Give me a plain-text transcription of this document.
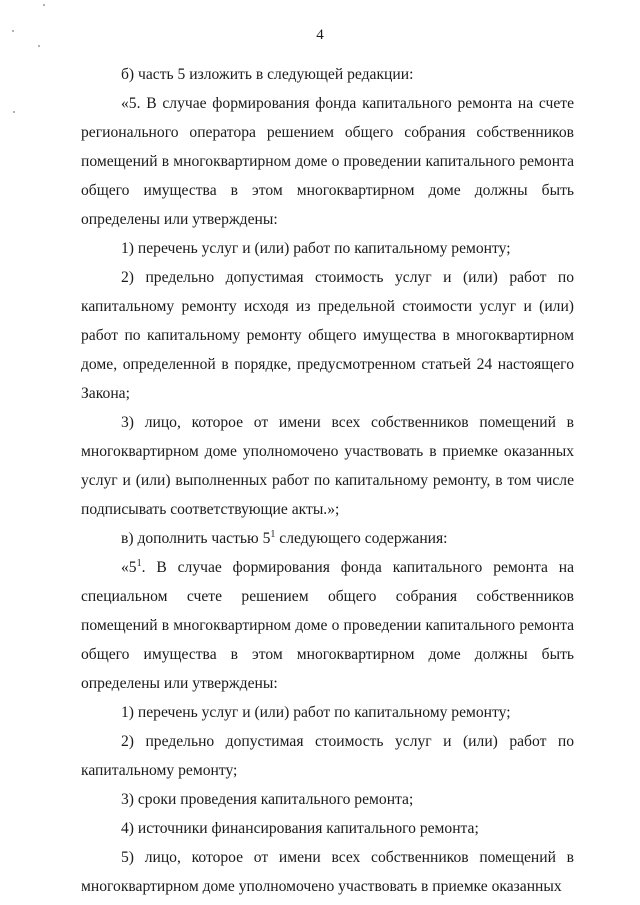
4

б) часть 5 изложить в следующей редакции:

«5. В случае формирования фонда капитального ремонта на счете регионального оператора решением общего собрания собственников помещений в многоквартирном доме о проведении капитального ремонта общего имущества в этом многоквартирном доме должны быть определены или утверждены:

1) перечень услуг и (или) работ по капитальному ремонту;

2) предельно допустимая стоимость услуг и (или) работ по капитальному ремонту исходя из предельной стоимости услуг и (или) работ по капитальному ремонту общего имущества в многоквартирном доме, определенной в порядке, предусмотренном статьей 24 настоящего Закона;

3) лицо, которое от имени всех собственников помещений в многоквартирном доме уполномочено участвовать в приемке оказанных услуг и (или) выполненных работ по капитальному ремонту, в том числе подписывать соответствующие акты.»;

в) дополнить частью $5^1$ следующего содержания:

«$5^1$. В случае формирования фонда капитального ремонта на специальном счете решением общего собрания собственников помещений в многоквартирном доме о проведении капитального ремонта общего имущества в этом многоквартирном доме должны быть определены или утверждены:

1) перечень услуг и (или) работ по капитальному ремонту;

2) предельно допустимая стоимость услуг и (или) работ по капитальному ремонту;

3) сроки проведения капитального ремонта;

4) источники финансирования капитального ремонта;

5) лицо, которое от имени всех собственников помещений в многоквартирном доме уполномочено участвовать в приемке оказанных
